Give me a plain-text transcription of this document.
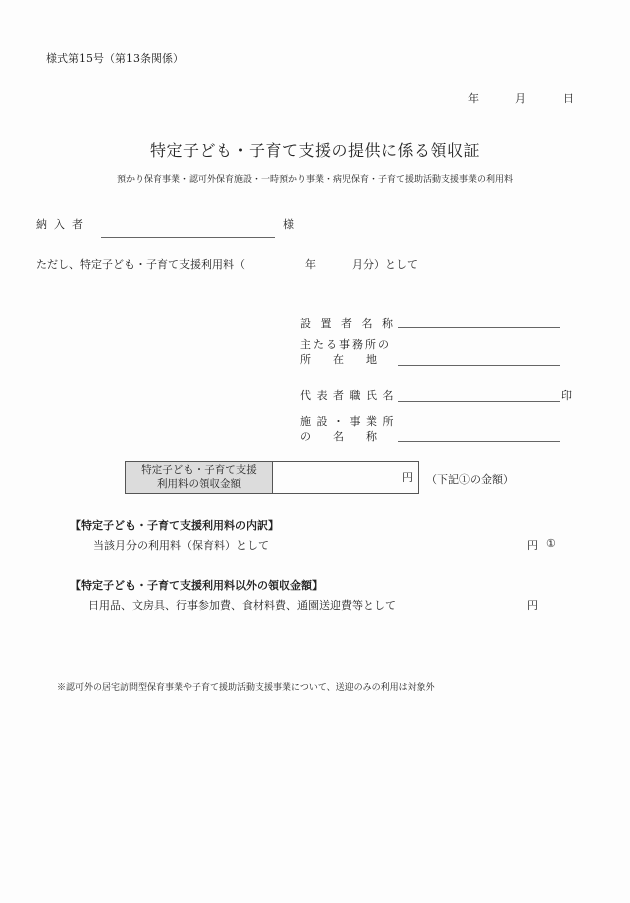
様式第15号（第13条関係）
年	月	日
特定子ども・子育て支援の提供に係る領収証
預かり保育事業・認可外保育施設・一時預かり事業・病児保育・子育て援助活動支援事業の利用料
納入者	様
ただし、特定子ども・子育て支援利用料（	年	月分）として
設 置 者 名 称
主たる事務所の
所　　在　　地
代 表 者 職 氏 名	印
施 設 ・ 事 業 所
の　　名　　称
特定子ども・子育て支援
利用料の領収金額	円	（下記①の金額）
【特定子ども・子育て支援利用料の内訳】
当該月分の利用料（保育料）として	円 ①
【特定子ども・子育て支援利用料以外の領収金額】
日用品、文房具、行事参加費、食材料費、通園送迎費等として	円
※認可外の居宅訪問型保育事業や子育て援助活動支援事業について、送迎のみの利用は対象外
